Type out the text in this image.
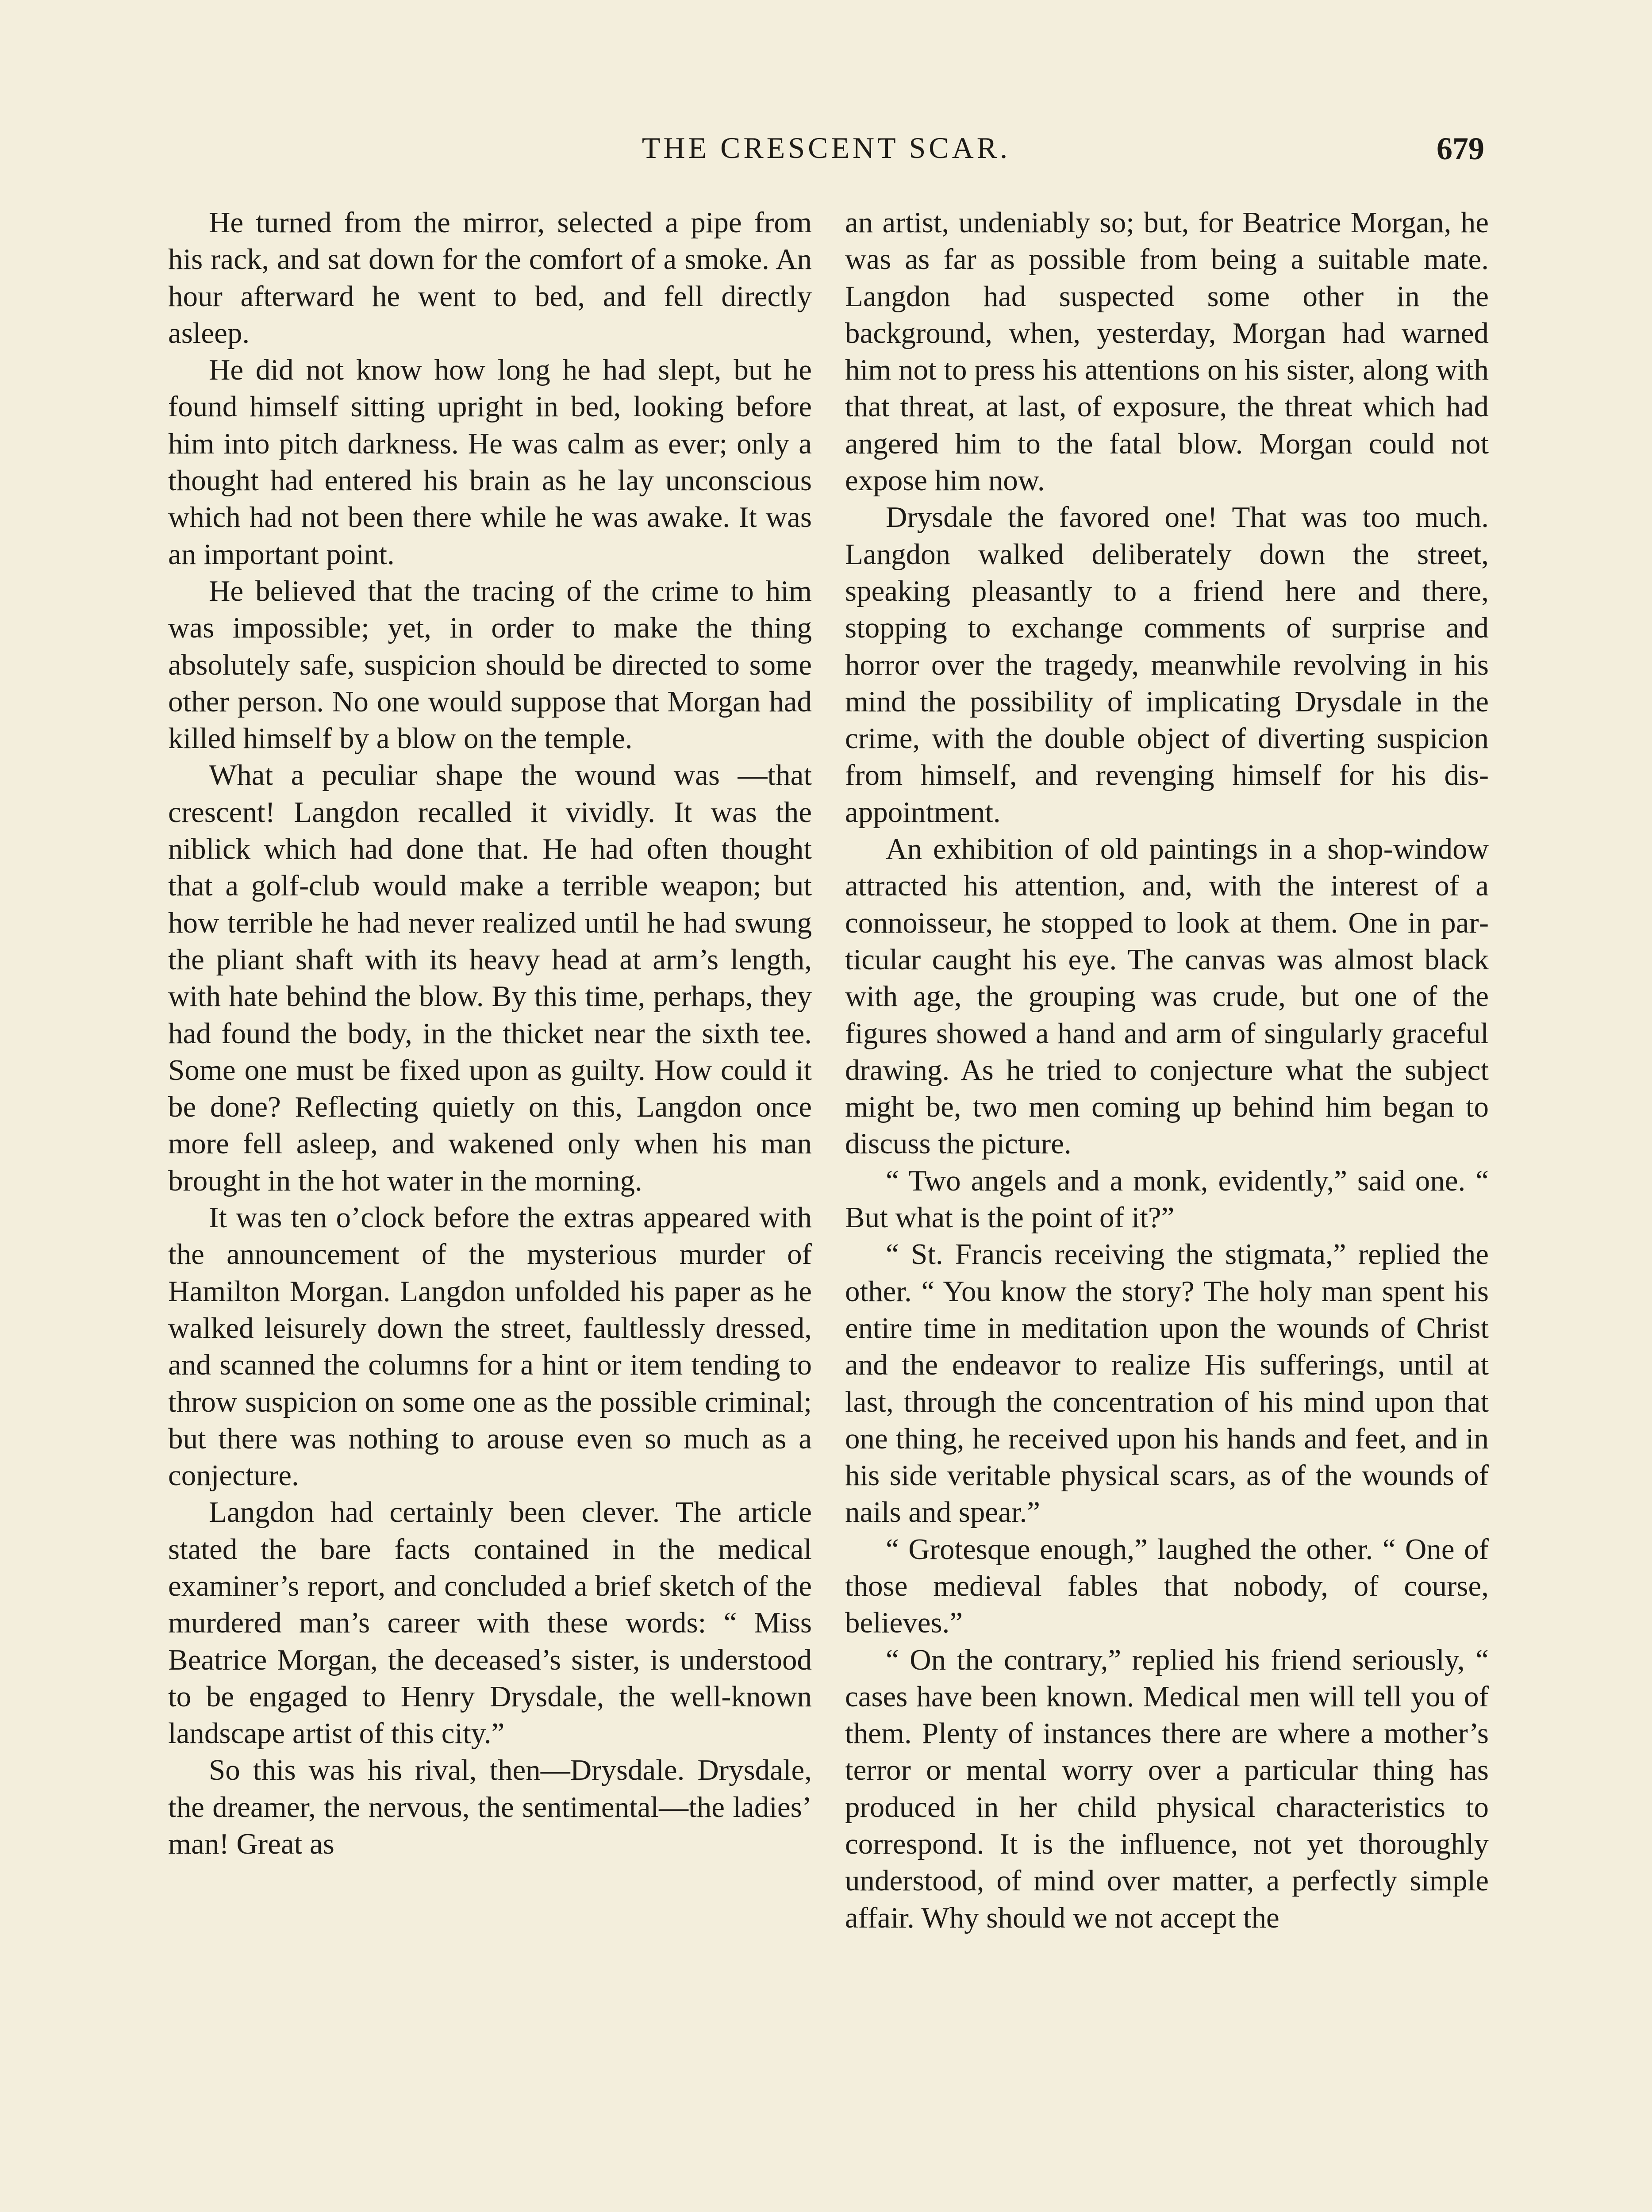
THE CRESCENT SCAR.	679

He turned from the mirror, selected a pipe from his rack, and sat down for the comfort of a smoke. An hour afterward he went to bed, and fell directly asleep.

He did not know how long he had slept, but he found himself sitting upright in bed, looking before him into pitch darkness. He was calm as ever; only a thought had entered his brain as he lay unconscious which had not been there while he was awake. It was an important point.

He believed that the tracing of the crime to him was impossible; yet, in order to make the thing absolutely safe, suspicion should be directed to some other person. No one would suppose that Morgan had killed himself by a blow on the temple.

What a peculiar shape the wound was —that crescent! Langdon recalled it vividly. It was the niblick which had done that. He had often thought that a golf-club would make a terrible weapon; but how terrible he had never realized until he had swung the pliant shaft with its heavy head at arm’s length, with hate behind the blow. By this time, perhaps, they had found the body, in the thicket near the sixth tee. Some one must be fixed upon as guilty. How could it be done? Reflecting quietly on this, Langdon once more fell asleep, and wakened only when his man brought in the hot water in the morning.

It was ten o’clock before the extras appeared with the announcement of the mysterious murder of Hamilton Morgan. Langdon unfolded his paper as he walked leisurely down the street, faultlessly dressed, and scanned the columns for a hint or item tending to throw suspicion on some one as the possible criminal; but there was nothing to arouse even so much as a conjecture.

Langdon had certainly been clever. The article stated the bare facts contained in the medical examiner’s report, and concluded a brief sketch of the murdered man’s career with these words: “ Miss Beatrice Morgan, the deceased’s sister, is understood to be engaged to Henry Drysdale, the well-known landscape artist of this city.”

So this was his rival, then—Drysdale. Drysdale, the dreamer, the nervous, the sentimental—the ladies’ man! Great as

an artist, undeniably so; but, for Beatrice Morgan, he was as far as possible from being a suitable mate. Langdon had suspected some other in the background, when, yesterday, Morgan had warned him not to press his attentions on his sister, along with that threat, at last, of exposure, the threat which had angered him to the fatal blow. Morgan could not expose him now.

Drysdale the favored one! That was too much. Langdon walked deliberately down the street, speaking pleasantly to a friend here and there, stopping to exchange comments of surprise and horror over the tragedy, meanwhile revolving in his mind the possibility of implicating Drysdale in the crime, with the double object of diverting suspicion from himself, and revenging himself for his disappointment.

An exhibition of old paintings in a shop-window attracted his attention, and, with the interest of a connoisseur, he stopped to look at them. One in particular caught his eye. The canvas was almost black with age, the grouping was crude, but one of the figures showed a hand and arm of singularly graceful drawing. As he tried to conjecture what the subject might be, two men coming up behind him began to discuss the picture.

“ Two angels and a monk, evidently,” said one. “ But what is the point of it?”

“ St. Francis receiving the stigmata,” replied the other. “ You know the story? The holy man spent his entire time in meditation upon the wounds of Christ and the endeavor to realize His sufferings, until at last, through the concentration of his mind upon that one thing, he received upon his hands and feet, and in his side veritable physical scars, as of the wounds of nails and spear.”

“ Grotesque enough,” laughed the other. “ One of those medieval fables that nobody, of course, believes.”

“ On the contrary,” replied his friend seriously, “ cases have been known. Medical men will tell you of them. Plenty of instances there are where a mother’s terror or mental worry over a particular thing has produced in her child physical characteristics to correspond. It is the influence, not yet thoroughly understood, of mind over matter, a perfectly simple affair. Why should we not accept the
